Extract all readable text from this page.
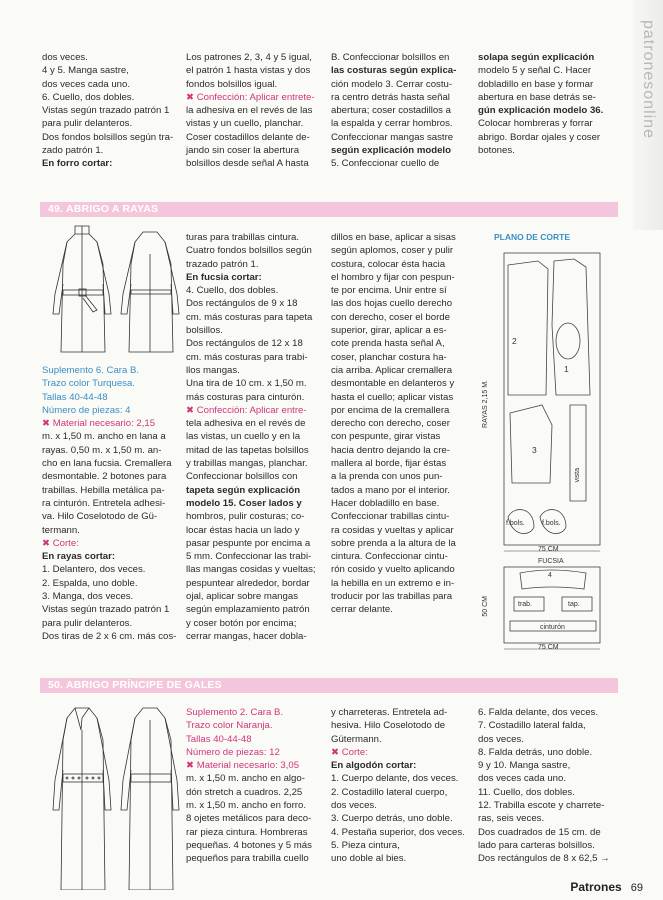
patronesonline

dos veces.

4 y 5. Manga sastre,

dos veces cada uno.

6. Cuello, dos dobles.

Vistas según trazado patrón 1

para pulir delanteros.

Dos fondos bolsillos según tra-

zado patrón 1.

En forro cortar:

Los patrones 2, 3, 4 y 5 igual,

el patrón 1 hasta vistas y dos

fondos bolsillos igual.

✖ Confección: Aplicar entrete-

la adhesiva en el revés de las

vistas y un cuello, planchar.

Coser costadillos delante de-

jando sin coser la abertura

bolsillos desde señal A hasta

B. Confeccionar bolsillos en

las costuras según explica-

ción modelo 3. Cerrar costu-

ra centro detrás hasta señal

abertura; coser costadillos a

la espalda y cerrar hombros.

Confeccionar mangas sastre

según explicación modelo

5. Confeccionar cuello de

solapa según explicación

modelo 5 y señal C. Hacer

dobladillo en base y formar

abertura en base detrás se-

gún explicación modelo 36.

Colocar hombreras y forrar

abrigo. Bordar ojales y coser

botones.

49. ABRIGO A RAYAS

Suplemento 6. Cara B.

Trazo color Turquesa.

Tallas 40-44-48

Número de piezas: 4

✖ Material necesario: 2,15

m. x 1,50 m. ancho en lana a

rayas. 0,50 m. x 1,50 m. an-

cho en lana fucsia. Cremallera

desmontable. 2 botones para

trabillas. Hebilla metálica pa-

ra cinturón. Entretela adhesi-

va. Hilo Coselotodo de Gü-

termann.

✖ Corte:

En rayas cortar:

1. Delantero, dos veces.

2. Espalda, uno doble.

3. Manga, dos veces.

Vistas según trazado patrón 1

para pulir delanteros.

Dos tiras de 2 x 6 cm. más cos-

turas para trabillas cintura.

Cuatro fondos bolsillos según

trazado patrón 1.

En fucsia cortar:

4. Cuello, dos dobles.

Dos rectángulos de 9 x 18

cm. más costuras para tapeta

bolsillos.

Dos rectángulos de 12 x 18

cm. más costuras para trabi-

llos mangas.

Una tira de 10 cm. x 1,50 m.

más costuras para cinturón.

✖ Confección: Aplicar entre-

tela adhesiva en el revés de

las vistas, un cuello y en la

mitad de las tapetas bolsillos

y trabillas mangas, planchar.

Confeccionar bolsillos con

tapeta según explicación

modelo 15. Coser lados y

hombros, pulir costuras; co-

locar éstas hacia un lado y

pasar pespunte por encima a

5 mm. Confeccionar las trabi-

llas mangas cosidas y vueltas;

pespuntear alrededor, bordar

ojal, aplicar sobre mangas

según emplazamiento patrón

y coser botón por encima;

cerrar mangas, hacer dobla-

dillos en base, aplicar a sisas

según aplomos, coser y pulir

costura, colocar ésta hacia

el hombro y fijar con pespun-

te por encima. Unir entre sí

las dos hojas cuello derecho

con derecho, coser el borde

superior, girar, aplicar a es-

cote prenda hasta señal A,

coser, planchar costura ha-

cia arriba. Aplicar cremallera

desmontable en delanteros y

hasta el cuello; aplicar vistas

por encima de la cremallera

derecho con derecho, coser

con pespunte, girar vistas

hacia dentro dejando la cre-

mallera al borde, fijar éstas

a la prenda con unos pun-

tados a mano por el interior.

Hacer dobladillo en base.

Confeccionar trabillas cintu-

ra cosidas y vueltas y aplicar

sobre prenda a la altura de la

cintura. Confeccionar cintu-

rón cosido y vuelto aplicando

la hebilla en un extremo e in-

troducir por las trabillas para

cerrar delante.

PLANO DE CORTE
2
1
3
vista
f.bols. f.bols.
RAYAS 2,15 M.
75 CM
FUCSIA
4
trab.	tap.
cinturón
50 CM
75 CM
50. ABRIGO PRÍNCIPE DE GALES

Suplemento 2. Cara B.

Trazo color Naranja.

Tallas 40-44-48

Número de piezas: 12

✖ Material necesario: 3,05

m. x 1,50 m. ancho en algo-

dón stretch a cuadros. 2,25

m. x 1,50 m. ancho en forro.

8 ojetes metálicos para deco-

rar pieza cintura. Hombreras

pequeñas. 4 botones y 5 más

pequeños para trabilla cuello

y charreteras. Entretela ad-

hesiva. Hilo Coselotodo de

Gütermann.

✖ Corte:

En algodón cortar:

1. Cuerpo delante, dos veces.

2. Costadillo lateral cuerpo,

dos veces.

3. Cuerpo detrás, uno doble.

4. Pestaña superior, dos veces.

5. Pieza cintura,

uno doble al bies.

6. Falda delante, dos veces.

7. Costadillo lateral falda,

dos veces.

8. Falda detrás, uno doble.

9 y 10. Manga sastre,

dos veces cada uno.

11. Cuello, dos dobles.

12. Trabilla escote y charrete-

ras, seis veces.

Dos cuadrados de 15 cm. de

lado para carteras bolsillos.

Dos rectángulos de 8 x 62,5 →

Patrones 69
